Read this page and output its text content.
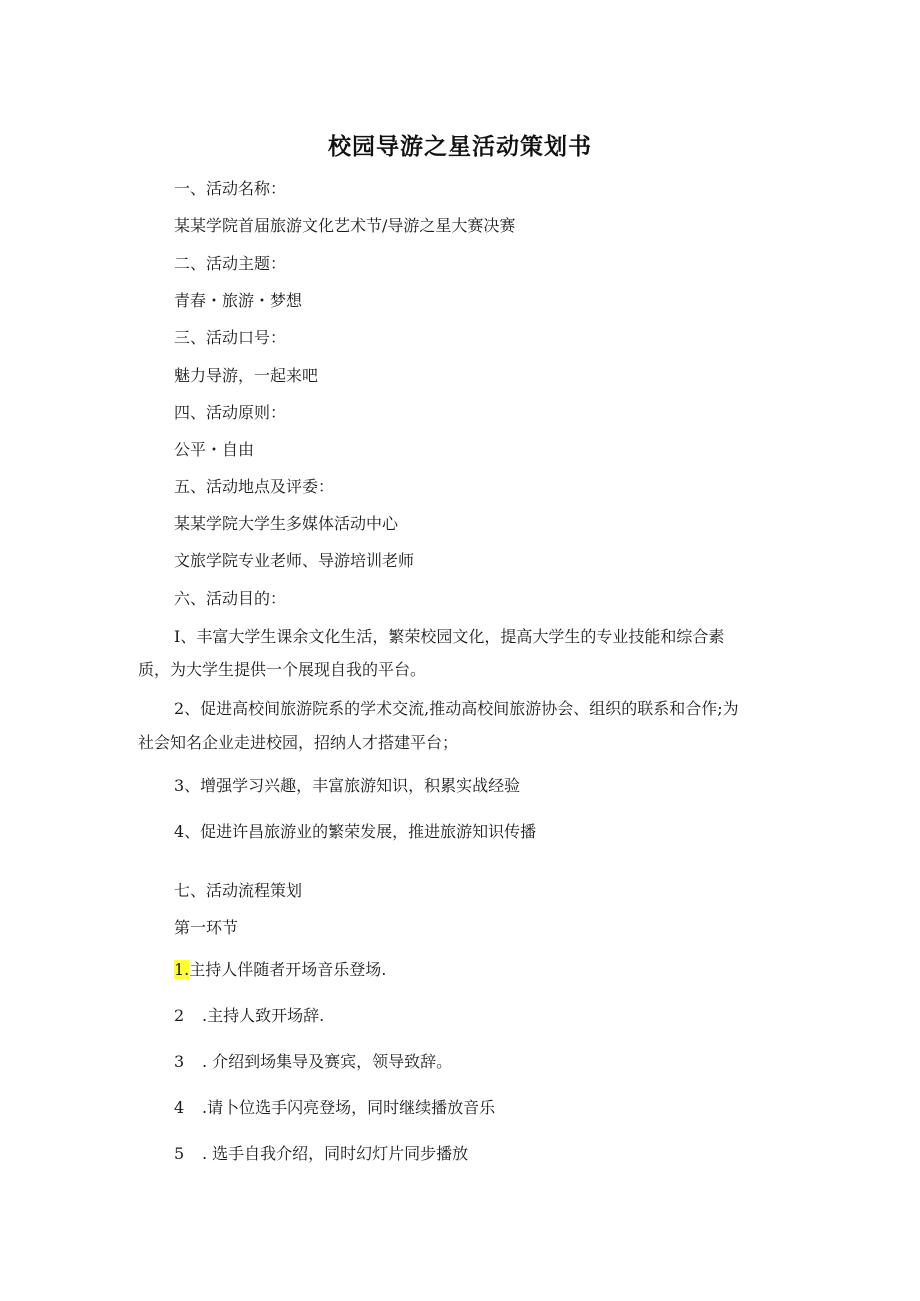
校园导游之星活动策划书
一、活动名称：
某某学院首届旅游文化艺术节/导游之星大赛决赛
二、活动主题：
青春・旅游・梦想
三、活动口号：
魅力导游，一起来吧
四、活动原则：
公平・自由
五、活动地点及评委：
某某学院大学生多媒体活动中心
文旅学院专业老师、导游培训老师
六、活动目的：
I、丰富大学生课余文化生活，繁荣校园文化，提高大学生的专业技能和综合素
质，为大学生提供一个展现自我的平台。
2、促进高校间旅游院系的学术交流,推动高校间旅游协会、组织的联系和合作;为
社会知名企业走进校园，招纳人才搭建平台；
3、增强学习兴趣，丰富旅游知识，积累实战经验
4、促进许昌旅游业的繁荣发展，推进旅游知识传播
七、活动流程策划
第一环节
1.主持人伴随者开场音乐登场.
2 .主持人致开场辞.
3 . 介绍到场集导及赛宾，领导致辞。
4 .请卜位选手闪亮登场，同时继续播放音乐
5 . 选手自我介绍，同时幻灯片同步播放
